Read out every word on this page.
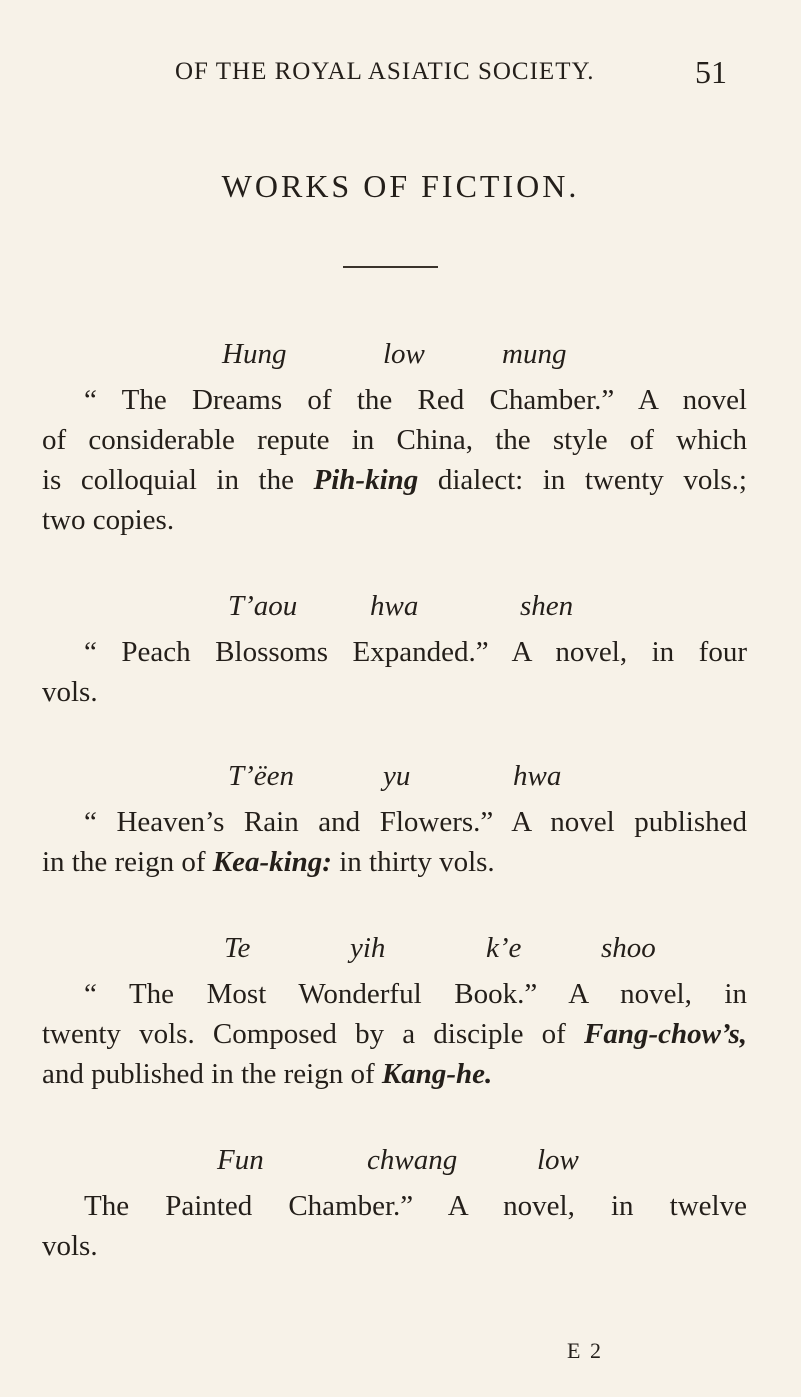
OF THE ROYAL ASIATIC SOCIETY.	51
WORKS OF FICTION.
Hung	low	mung
“ The Dreams of the Red Chamber.” A novel
of considerable repute in China, the style of which
is colloquial in the Pih-king dialect: in twenty vols.;
two copies.
T’aou	hwa	shen
“ Peach Blossoms Expanded.” A novel, in four
vols.
T’ëen	yu	hwa
“ Heaven’s Rain and Flowers.” A novel published
in the reign of Kea-king: in thirty vols.
Te	yih	k’e	shoo
“ The Most Wonderful Book.” A novel, in
twenty vols. Composed by a disciple of Fang-chow’s,
and published in the reign of Kang-he.
Fun	chwang	low
The Painted Chamber.” A novel, in twelve
vols.
E 2
